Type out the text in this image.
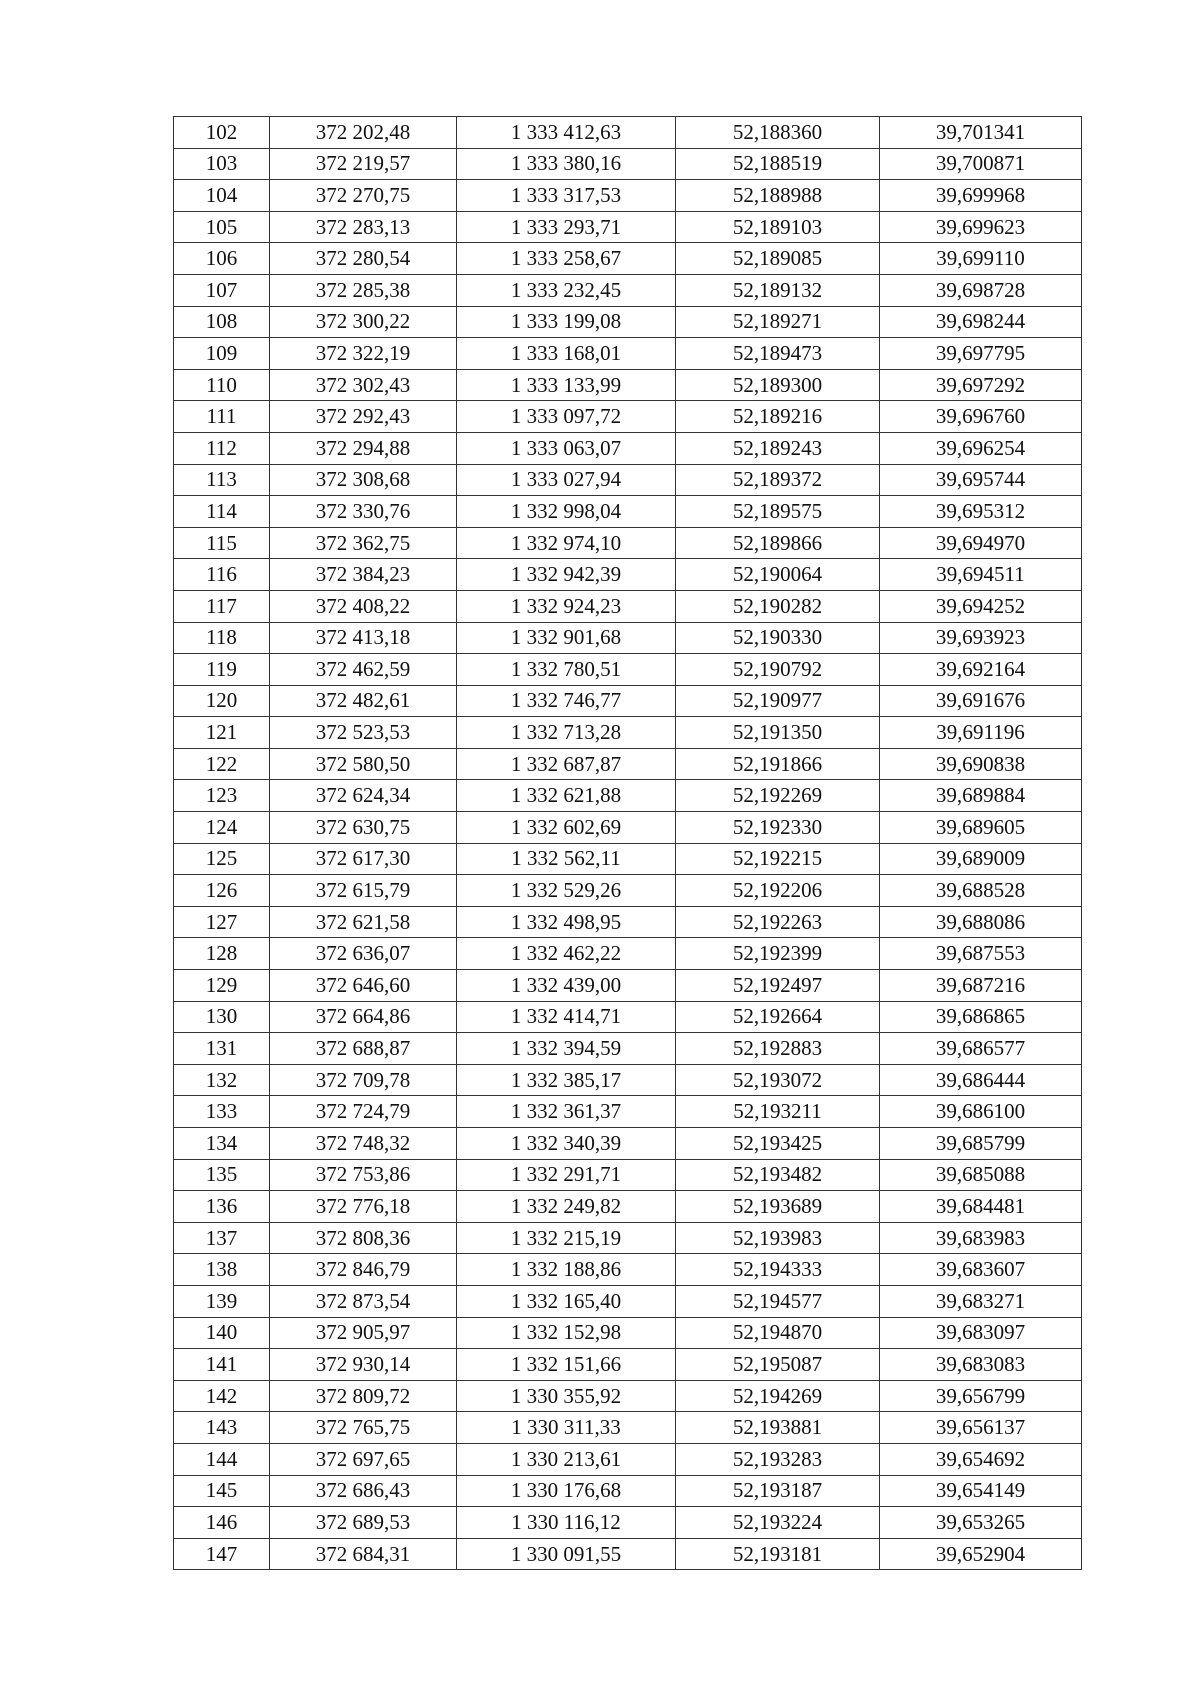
102	372 202,48	1 333 412,63	52,188360	39,701341
103	372 219,57	1 333 380,16	52,188519	39,700871
104	372 270,75	1 333 317,53	52,188988	39,699968
105	372 283,13	1 333 293,71	52,189103	39,699623
106	372 280,54	1 333 258,67	52,189085	39,699110
107	372 285,38	1 333 232,45	52,189132	39,698728
108	372 300,22	1 333 199,08	52,189271	39,698244
109	372 322,19	1 333 168,01	52,189473	39,697795
110	372 302,43	1 333 133,99	52,189300	39,697292
111	372 292,43	1 333 097,72	52,189216	39,696760
112	372 294,88	1 333 063,07	52,189243	39,696254
113	372 308,68	1 333 027,94	52,189372	39,695744
114	372 330,76	1 332 998,04	52,189575	39,695312
115	372 362,75	1 332 974,10	52,189866	39,694970
116	372 384,23	1 332 942,39	52,190064	39,694511
117	372 408,22	1 332 924,23	52,190282	39,694252
118	372 413,18	1 332 901,68	52,190330	39,693923
119	372 462,59	1 332 780,51	52,190792	39,692164
120	372 482,61	1 332 746,77	52,190977	39,691676
121	372 523,53	1 332 713,28	52,191350	39,691196
122	372 580,50	1 332 687,87	52,191866	39,690838
123	372 624,34	1 332 621,88	52,192269	39,689884
124	372 630,75	1 332 602,69	52,192330	39,689605
125	372 617,30	1 332 562,11	52,192215	39,689009
126	372 615,79	1 332 529,26	52,192206	39,688528
127	372 621,58	1 332 498,95	52,192263	39,688086
128	372 636,07	1 332 462,22	52,192399	39,687553
129	372 646,60	1 332 439,00	52,192497	39,687216
130	372 664,86	1 332 414,71	52,192664	39,686865
131	372 688,87	1 332 394,59	52,192883	39,686577
132	372 709,78	1 332 385,17	52,193072	39,686444
133	372 724,79	1 332 361,37	52,193211	39,686100
134	372 748,32	1 332 340,39	52,193425	39,685799
135	372 753,86	1 332 291,71	52,193482	39,685088
136	372 776,18	1 332 249,82	52,193689	39,684481
137	372 808,36	1 332 215,19	52,193983	39,683983
138	372 846,79	1 332 188,86	52,194333	39,683607
139	372 873,54	1 332 165,40	52,194577	39,683271
140	372 905,97	1 332 152,98	52,194870	39,683097
141	372 930,14	1 332 151,66	52,195087	39,683083
142	372 809,72	1 330 355,92	52,194269	39,656799
143	372 765,75	1 330 311,33	52,193881	39,656137
144	372 697,65	1 330 213,61	52,193283	39,654692
145	372 686,43	1 330 176,68	52,193187	39,654149
146	372 689,53	1 330 116,12	52,193224	39,653265
147	372 684,31	1 330 091,55	52,193181	39,652904
